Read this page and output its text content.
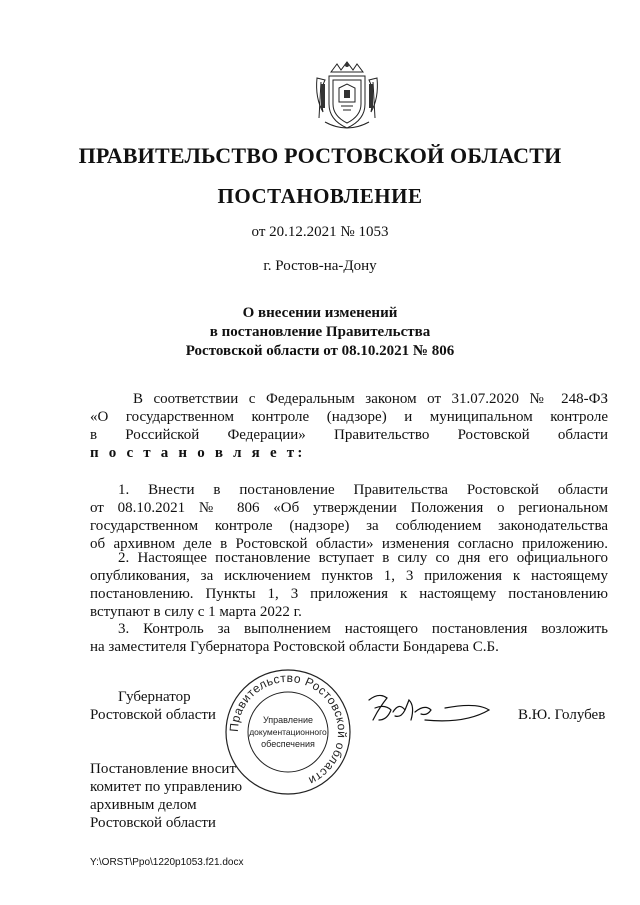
ПРАВИТЕЛЬСТВО РОСТОВСКОЙ ОБЛАСТИ
ПОСТАНОВЛЕНИЕ
от 20.12.2021 № 1053
г. Ростов-на-Дону
О внесении изменений
в постановление Правительства
Ростовской области от 08.10.2021 № 806
В соответствии с Федеральным законом от 31.07.2020 № 248-ФЗ
«О государственном контроле (надзоре) и муниципальном контроле
в Российской Федерации» Правительство Ростовской области
п о с т а н о в л я е т:
1. Внести в постановление Правительства Ростовской области
от 08.10.2021 № 806 «Об утверждении Положения о региональном
государственном контроле (надзоре) за соблюдением законодательства
об архивном деле в Ростовской области» изменения согласно приложению.
2. Настоящее постановление вступает в силу со дня его официального
опубликования, за исключением пунктов 1, 3 приложения к настоящему
постановлению. Пункты 1, 3 приложения к настоящему постановлению
вступают в силу с 1 марта 2022 г.
3. Контроль за выполнением настоящего постановления возложить
на заместителя Губернатора Ростовской области Бондарева С.Б.
Губернатор
Ростовской области
Правительство Ростовской области
Управление
документационного
обеспечения
В.Ю. Голубев
Постановление вносит
комитет по управлению
архивным делом
Ростовской области
Y:\ORST\Ppo\1220p1053.f21.docx
